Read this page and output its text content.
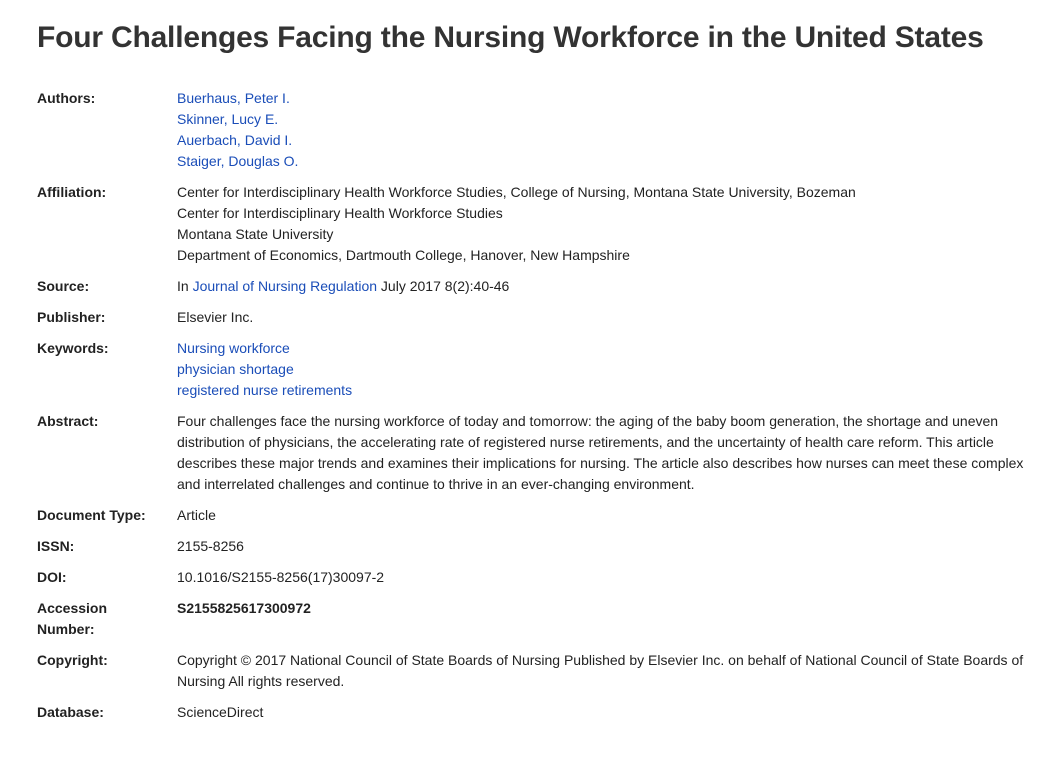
Four Challenges Facing the Nursing Workforce in the United States
Authors:	Buerhaus, Peter I.
Skinner, Lucy E.
Auerbach, David I.
Staiger, Douglas O.
Affiliation:	Center for Interdisciplinary Health Workforce Studies, College of Nursing, Montana State University, Bozeman
Center for Interdisciplinary Health Workforce Studies
Montana State University
Department of Economics, Dartmouth College, Hanover, New Hampshire
Source:	In Journal of Nursing Regulation July 2017 8(2):40-46
Publisher:	Elsevier Inc.
Keywords:	Nursing workforce
physician shortage
registered nurse retirements
Abstract:	Four challenges face the nursing workforce of today and tomorrow: the aging of the baby boom generation, the shortage and uneven distribution of physicians, the accelerating rate of registered nurse retirements, and the uncertainty of health care reform. This article describes these major trends and examines their implications for nursing. The article also describes how nurses can meet these complex and interrelated challenges and continue to thrive in an ever-changing environment.
Document Type:	Article
ISSN:	2155-8256
DOI:	10.1016/S2155-8256(17)30097-2
Accession Number:
S2155825617300972
Copyright:	Copyright © 2017 National Council of State Boards of Nursing Published by Elsevier Inc. on behalf of National Council of State Boards of Nursing All rights reserved.
Database:	ScienceDirect
